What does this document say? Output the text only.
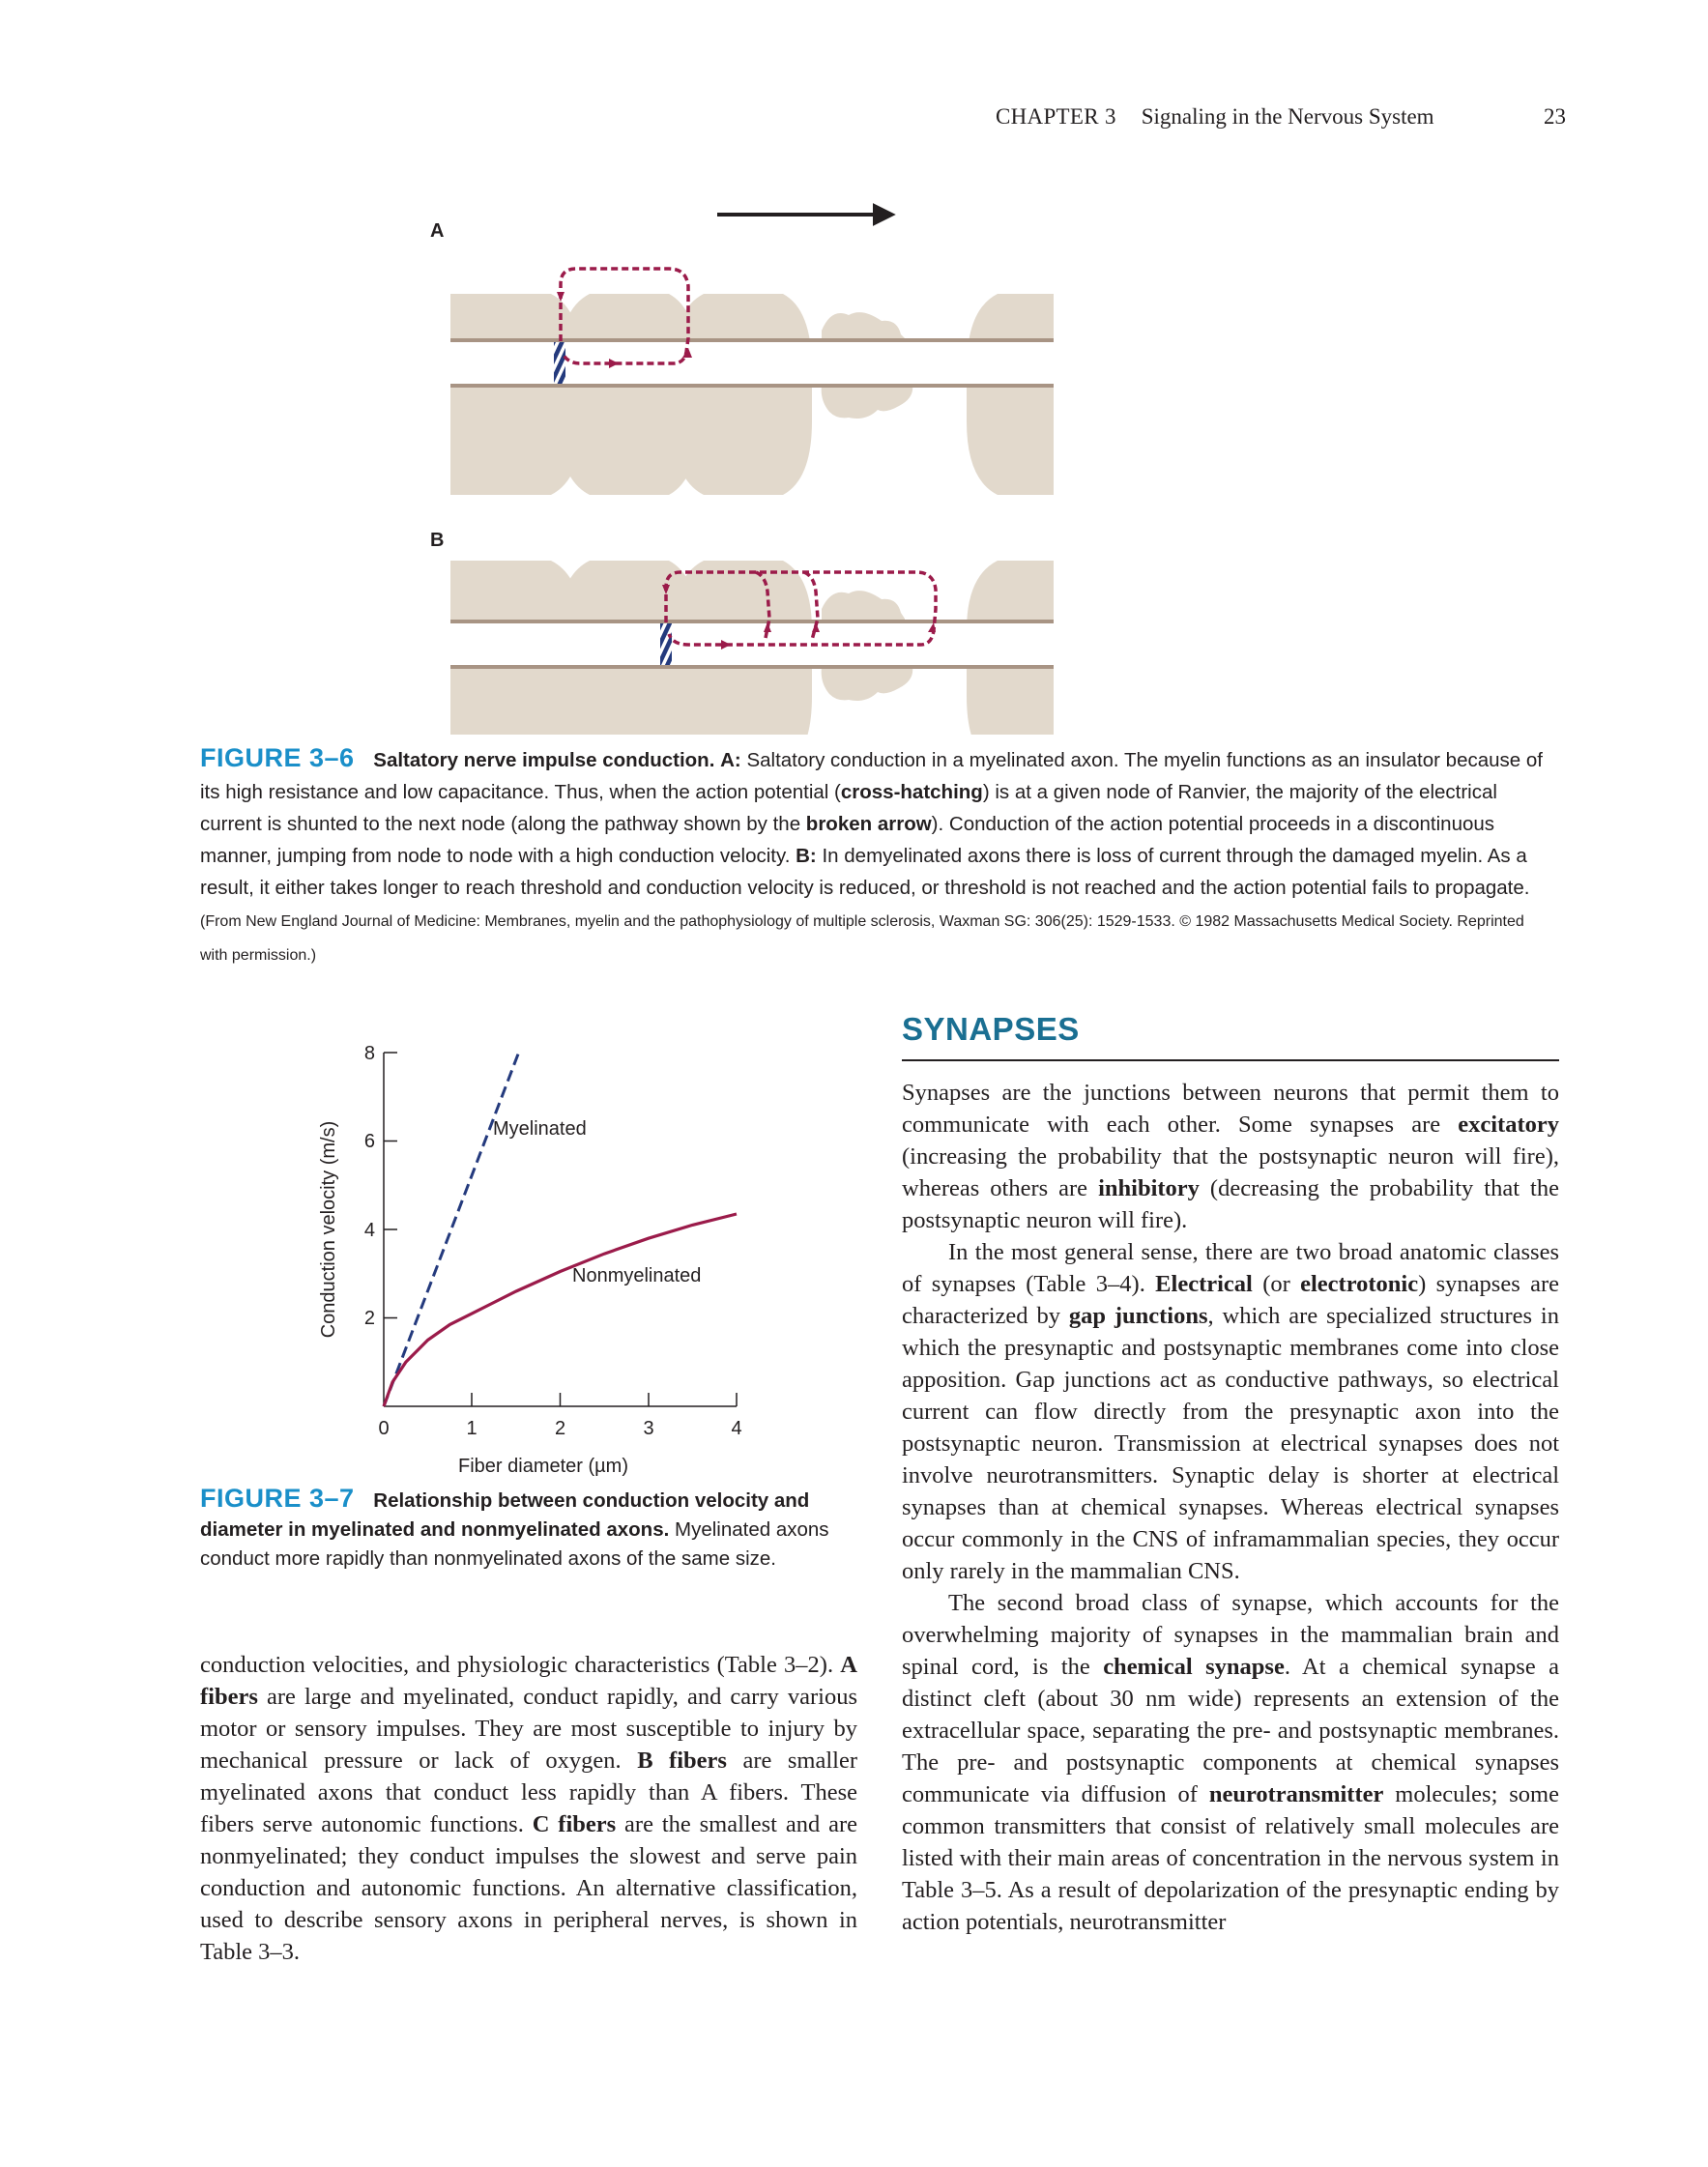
CHAPTER 3 Signaling in the Nervous System	23
A
B
FIGURE 3–6 Saltatory nerve impulse conduction. A: Saltatory conduction in a myelinated axon. The myelin functions as an insulator because of its high resistance and low capacitance. Thus, when the action potential (cross-hatching) is at a given node of Ranvier, the majority of the electrical current is shunted to the next node (along the pathway shown by the broken arrow). Conduction of the action potential proceeds in a discontinuous manner, jumping from node to node with a high conduction velocity. B: In demyelinated axons there is loss of current through the damaged myelin. As a result, it either takes longer to reach threshold and conduction velocity is reduced, or threshold is not reached and the action potential fails to propagate. (From New England Journal of Medicine: Membranes, myelin and the pathophysiology of multiple sclerosis, Waxman SG: 306(25): 1529-1533. © 1982 Massachusetts Medical Society. Reprinted with permission.)
8
6
4
2
0	1	2	3	4
Fiber diameter (µm)
Conduction velocity (m/s)	Myelinated
Nonmyelinated
FIGURE 3–7 Relationship between conduction velocity and diameter in myelinated and nonmyelinated axons. Myelinated axons conduct more rapidly than nonmyelinated axons of the same size.

conduction velocities, and physiologic characteristics (Table 3–2). A fibers are large and myelinated, conduct rapidly, and carry various motor or sensory impulses. They are most susceptible to injury by mechanical pressure or lack of oxygen. B fibers are smaller myelinated axons that conduct less rapidly than A fibers. These fibers serve autonomic functions. C fibers are the smallest and are nonmyelinated; they conduct impulses the slowest and serve pain conduction and autonomic functions. An alternative classification, used to describe sensory axons in peripheral nerves, is shown in Table 3–3.

SYNAPSES

Synapses are the junctions between neurons that permit them to communicate with each other. Some synapses are excitatory (increasing the probability that the postsynaptic neuron will fire), whereas others are inhibitory (decreasing the probability that the postsynaptic neuron will fire).

In the most general sense, there are two broad anatomic classes of synapses (Table 3–4). Electrical (or electrotonic) synapses are characterized by gap junctions, which are specialized structures in which the presynaptic and postsynaptic membranes come into close apposition. Gap junctions act as conductive pathways, so electrical current can flow directly from the presynaptic axon into the postsynaptic neuron. Transmission at electrical synapses does not involve neurotransmitters. Synaptic delay is shorter at electrical synapses than at chemical synapses. Whereas electrical synapses occur commonly in the CNS of inframammalian species, they occur only rarely in the mammalian CNS.

The second broad class of synapse, which accounts for the overwhelming majority of synapses in the mammalian brain and spinal cord, is the chemical synapse. At a chemical synapse a distinct cleft (about 30 nm wide) represents an extension of the extracellular space, separating the pre- and postsynaptic membranes. The pre- and postsynaptic components at chemical synapses communicate via diffusion of neurotransmitter molecules; some common transmitters that consist of relatively small molecules are listed with their main areas of concentration in the nervous system in Table 3–5. As a result of depolarization of the presynaptic ending by action potentials, neurotransmitter
